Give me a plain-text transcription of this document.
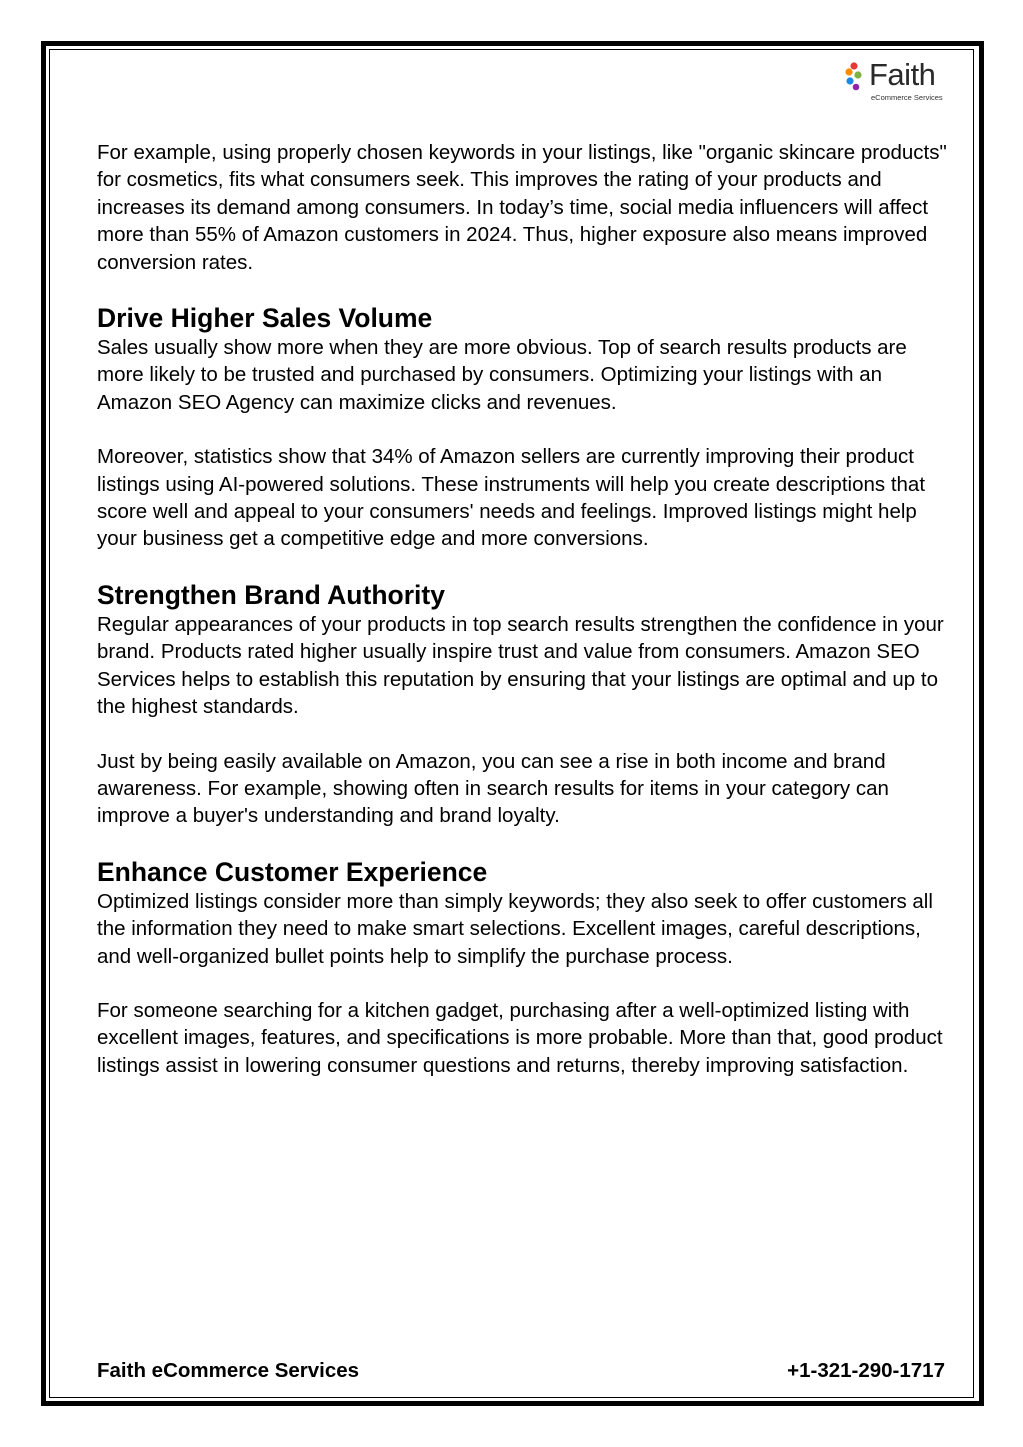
Faith
eCommerce Services

For example, using properly chosen keywords in your listings, like "organic skincare products" for cosmetics, fits what consumers seek. This improves the rating of your products and increases its demand among consumers. In today’s time, social media influencers will affect more than 55% of Amazon customers in 2024. Thus, higher exposure also means improved conversion rates.

Drive Higher Sales Volume

Sales usually show more when they are more obvious. Top of search results products are more likely to be trusted and purchased by consumers. Optimizing your listings with an Amazon SEO Agency can maximize clicks and revenues.

Moreover, statistics show that 34% of Amazon sellers are currently improving their product listings using AI-powered solutions. These instruments will help you create descriptions that score well and appeal to your consumers' needs and feelings. Improved listings might help your business get a competitive edge and more conversions.

Strengthen Brand Authority

Regular appearances of your products in top search results strengthen the confidence in your brand. Products rated higher usually inspire trust and value from consumers. Amazon SEO Services helps to establish this reputation by ensuring that your listings are optimal and up to the highest standards.

Just by being easily available on Amazon, you can see a rise in both income and brand awareness. For example, showing often in search results for items in your category can improve a buyer's understanding and brand loyalty.

Enhance Customer Experience

Optimized listings consider more than simply keywords; they also seek to offer customers all the information they need to make smart selections. Excellent images, careful descriptions, and well-organized bullet points help to simplify the purchase process.

For someone searching for a kitchen gadget, purchasing after a well-optimized listing with excellent images, features, and specifications is more probable. More than that, good product listings assist in lowering consumer questions and returns, thereby improving satisfaction.

Faith eCommerce Services	+1-321-290-1717
